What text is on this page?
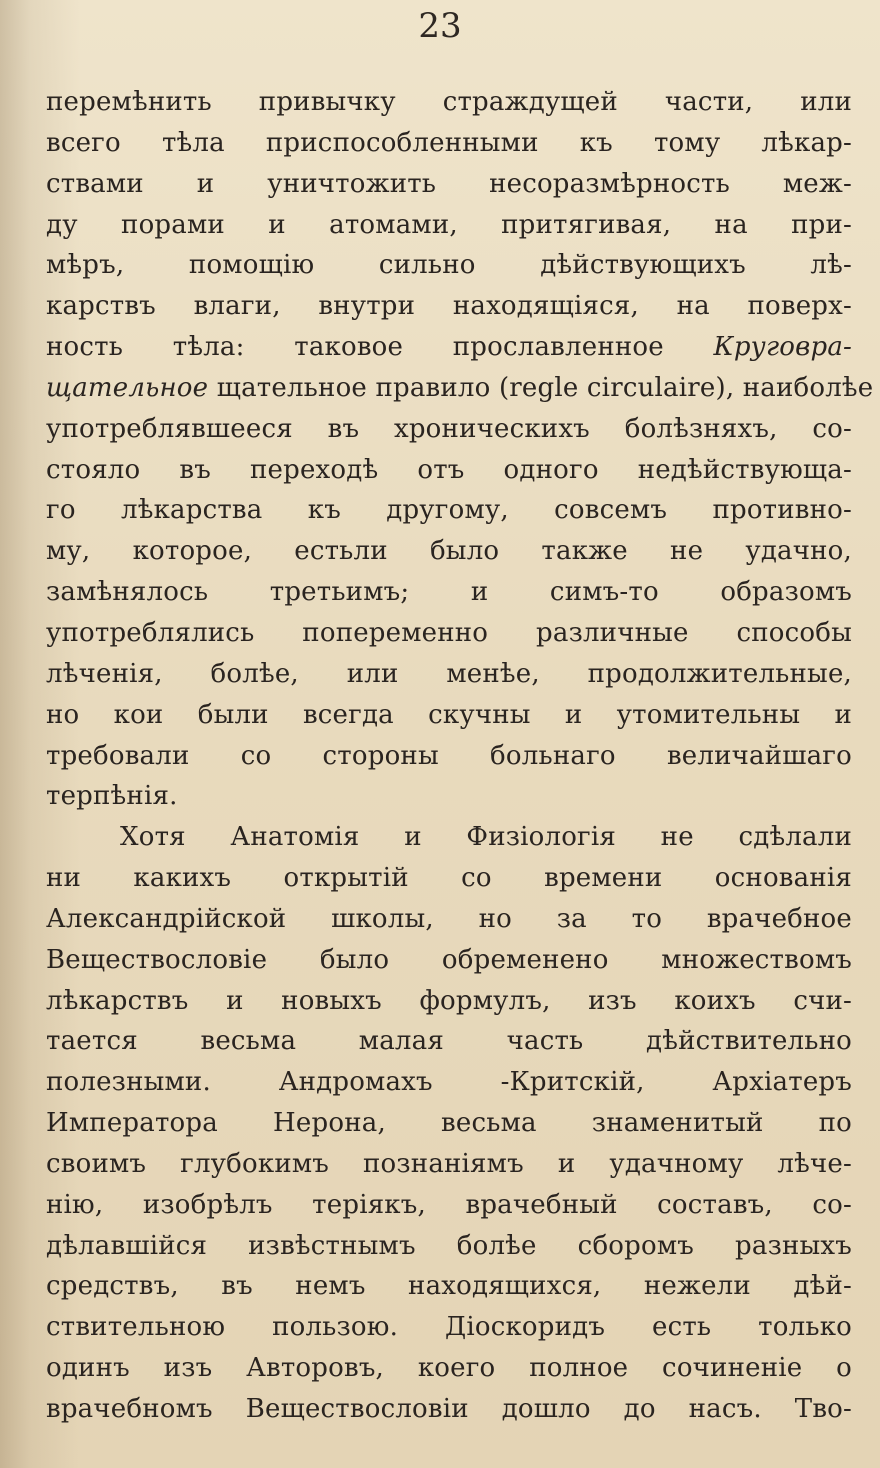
23
перемѣнить привычку страждущей части, или
всего тѣла приспособленными къ тому лѣкар-
ствами и уничтожить несоразмѣрность меж-
ду порами и атомами, притягивая, на при-
мѣръ, помощію сильно дѣйствующихъ лѣ-
карствъ влаги, внутри находящіяся, на поверх-
ность тѣла: таковое прославленное Круговра-
щательное щательное правило (regle circulaire), наиболѣе
употреблявшееся въ хроническихъ болѣзняхъ, со-
стояло въ переходѣ отъ одного недѣйствующа-
го лѣкарства къ другому, совсемъ противно-
му, которое, естьли было также не удачно,
замѣнялось третьимъ; и симъ-то образомъ
употреблялись попеременно различные способы
лѣченія, болѣе, или менѣе, продолжительные,
но кои были всегда скучны и утомительны и
требовали со стороны больнаго величайшаго
терпѣнія.
Хотя Анатомія и Физіологія не сдѣлали
ни какихъ открытій со времени основанія
Александрійской школы, но за то врачебное
Веществословіе было обременено множествомъ
лѣкарствъ и новыхъ формулъ, изъ коихъ счи-
тается весьма малая часть дѣйствительно
полезными. Андромахъ -Критскій, Архіатеръ
Императора Нерона, весьма знаменитый по
своимъ глубокимъ познаніямъ и удачному лѣче-
нію, изобрѣлъ теріякъ, врачебный составъ, со-
дѣлавшійся извѣстнымъ болѣе сборомъ разныхъ
средствъ, въ немъ находящихся, нежели дѣй-
ствительною пользою. Діоскоридъ есть только
одинъ изъ Авторовъ, коего полное сочиненіе о
врачебномъ Веществословіи дошло до насъ. Тво-
